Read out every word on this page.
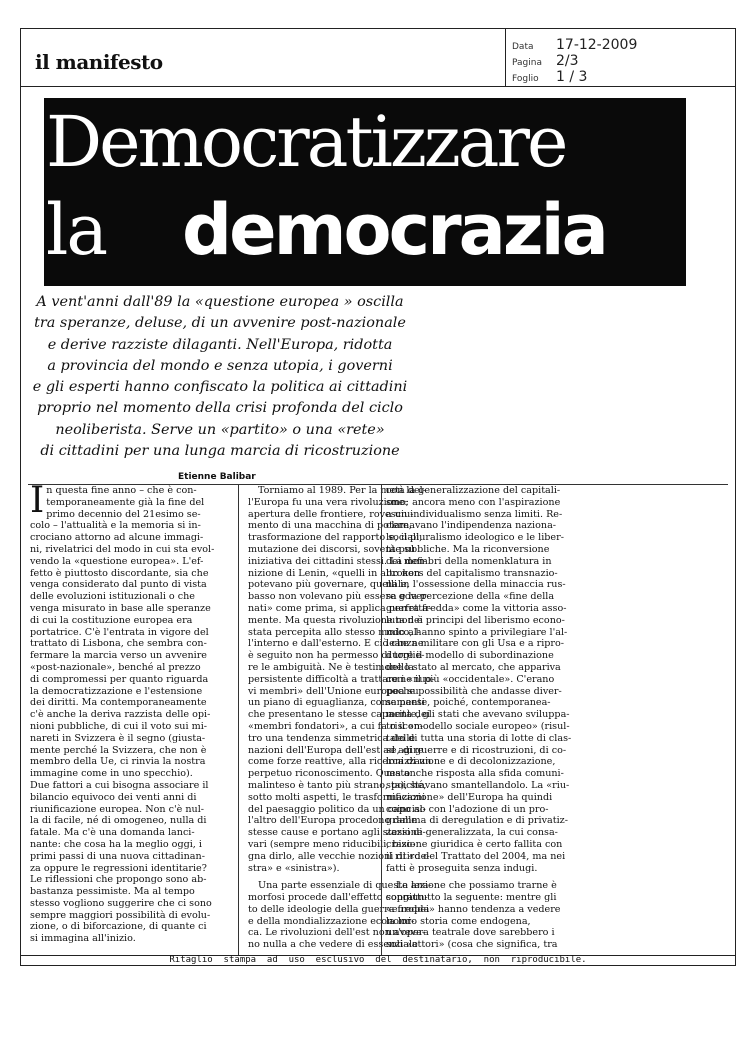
il manifesto
Data 17-12-2009
Pagina 2/3
Foglio 1 / 3
Democratizzare
la democrazia
A vent'anni dall'89 la «questione europea » oscilla
tra speranze, deluse, di un avvenire post-nazionale
e derive razziste dilaganti. Nell'Europa, ridotta
a provincia del mondo e senza utopia, i governi
e gli esperti hanno confiscato la politica ai cittadini
proprio nel momento della crisi profonda del ciclo
neoliberista. Serve un «partito» o una «rete»
di cittadini per una lunga marcia di ricostruzione
Etienne Balibar
I n questa fine anno – che è con-
temporaneamente già la fine del
primo decennio del 21esimo se-
colo – l'attualità e la memoria si in-
crociano attorno ad alcune immagi-
ni, rivelatrici del modo in cui sta evol-
vendo la «questione europea». L'ef-
fetto è piuttosto discordante, sia che
venga considerato dal punto di vista
delle evoluzioni istituzionali o che
venga misurato in base alle speranze
di cui la costituzione europea era
portatrice. C'è l'entrata in vigore del
trattato di Lisbona, che sembra con-
fermare la marcia verso un avvenire
«post-nazionale», benché al prezzo
di compromessi per quanto riguarda
la democratizzazione e l'estensione
dei diritti. Ma contemporaneamente
c'è anche la deriva razzista delle opi-
nioni pubbliche, di cui il voto sui mi-
nareti in Svizzera è il segno (giusta-
mente perché la Svizzera, che non è
membro della Ue, ci rinvia la nostra
immagine come in uno specchio).
Due fattori a cui bisogna associare il
bilancio equivoco dei venti anni di
riunificazione europea. Non c'è nul-
la di facile, né di omogeneo, nulla di
fatale. Ma c'è una domanda lanci-
nante: che cosa ha la meglio oggi, i
primi passi di una nuova cittadinan-
za oppure le regressioni identitarie?
Le riflessioni che propongo sono ab-
bastanza pessimiste. Ma al tempo
stesso vogliono suggerire che ci sono
sempre maggiori possibilità di evolu-
zione, o di biforcazione, di quante ci
si immagina all'inizio.
Torniamo al 1989. Per la metà del-
l'Europa fu una vera rivoluzione:
apertura delle frontiere, rovesciu-
mento di una macchina di potere,
trasformazione del rapporto sociali,
mutazione dei discorsi, sovente su
iniziativa dei cittadini stessi. La defi-
nizione di Lenin, «quelli in alto non
potevano più governare, quelli in
basso non volevano più essere gover-
nati» come prima, si applica perfetta-
mente. Ma questa rivoluzione non è
stata percepita allo stesso modo al-
l'interno e dall'esterno. E ciò che ne
è seguito non ha permesso di toglie-
re le ambiguità. Ne è testimone la
persistente difficoltà a trattare i «nuo-
vi membri» dell'Unione europea su
un piano di eguaglianza, come paesi
che presentano le stesse capacità dei
«membri fondatori», a cui fa riscon-
tro una tendenza simmetrica delle
nazioni dell'Europa dell'est ad agire
come forze reattive, alla ricerca di un
perpetuo riconoscimento. Questo
malinteso è tanto più strano, poiché,
sotto molti aspetti, le trasformazioni
del paesaggio politico da un capo al-
l'altro dell'Europa procedono dalle
stesse cause e portano agli stessi di-
vari (sempre meno riducibili, biso-
gna dirlo, alle vecchie nozioni di «de-
stra» e «sinistra»).
Una parte essenziale di queste ana-
morfosi procede dall'effetto congiun-
to delle ideologie della guerra fredda
e della mondializzazione economi-
ca. Le rivoluzioni dell'est non aveva-
no nulla a che vedere di essenziale
con la generalizzazione del capitali-
smo; ancora meno con l'aspirazione
a un individualismo senza limiti. Re-
clamavano l'indipendenza naziona-
le, il pluralismo ideologico e le liber-
tà pubbliche. Ma la riconversione
dei membri della nomenklatura in
brokers del capitalismo transnazio-
nale, l'ossessione della minaccia rus-
sa e la percezione della «fine della
guerra fredda» come la vittoria asso-
luta dei principi del liberismo econo-
mico, hanno spinto a privilegiare l'al-
leanza militare con gli Usa e a ripro-
durre il modello di subordinazione
dello stato al mercato, che appariva
come il più «occidentale». C'erano
poche possibilità che andasse diver-
samente, poiché, contemporanea-
mente, gli stati che avevano sviluppa-
to il «modello sociale europeo» (risul-
tato di tutta una storia di lotte di clas-
se, di guerre e di ricostruzioni, di co-
lonizzazione e di decolonizzazione,
ma anche risposta alla sfida comuni-
sta), stavano smantellandolo. La «riu-
nificazione» dell'Europa ha quindi
coinciso con l'adozione di un pro-
gramma di deregulation e di privatiz-
zazione generalizzata, la cui consa-
crazione giuridica è certo fallita con
il ritiro del Trattato del 2004, ma nei
fatti è proseguita senza indugi.
La lezione che possiamo trarne è
soprattutto la seguente: mentre gli
«europei» hanno tendenza a vedere
la loro storia come endogena,
un'opera teatrale dove sarebbero i
soli «attori» (cosa che significa, tra
Ritaglio  stampa  ad  uso  esclusivo  del  destinatario,  non  riproducibile.
